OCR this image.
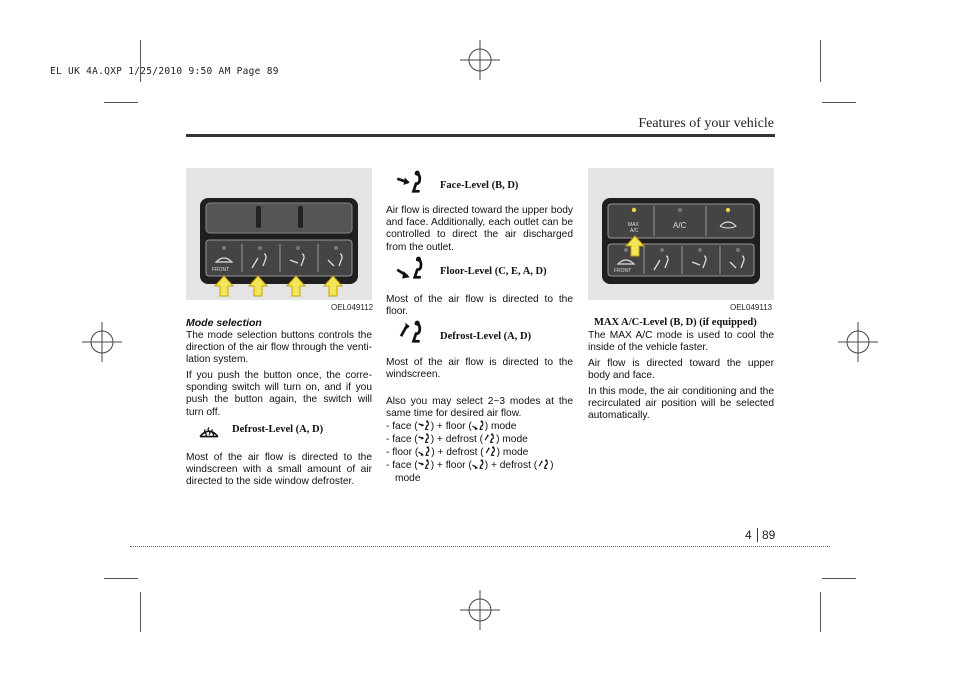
EL UK 4A.QXP 1/25/2010 9:50 AM Page 89
Features of your vehicle
FRONT
OEL049112
Mode selection
The mode selection buttons controls the direction of the air flow through the venti-lation system.
If you push the button once, the corre-sponding switch will turn on, and if you push the button again, the switch will turn off.
Defrost-Level (A, D)
Most of the air flow is directed to the windscreen with a small amount of air directed to the side window defroster.
Face-Level (B, D)
Air flow is directed toward the upper body and face. Additionally, each outlet can be controlled to direct the air discharged from the outlet.
Floor-Level (C, E, A, D)
Most of the air flow is directed to the floor.
Defrost-Level (A, D)
Most of the air flow is directed to the windscreen.
Also you may select 2~3 modes at the same time for desired air flow.
- face ( ) + floor ( ) mode
- face ( ) + defrost ( ) mode
- floor ( ) + defrost ( ) mode
- face ( ) + floor ( ) + defrost ( )
mode
MAX
A/C
A/C
FRONT
OEL049113
MAX A/C-Level (B, D) (if equipped)
The MAX A/C mode is used to cool the inside of the vehicle faster.
Air flow is directed toward the upper body and face.
In this mode, the air conditioning and the recirculated air position will be selected automatically.
4 89
